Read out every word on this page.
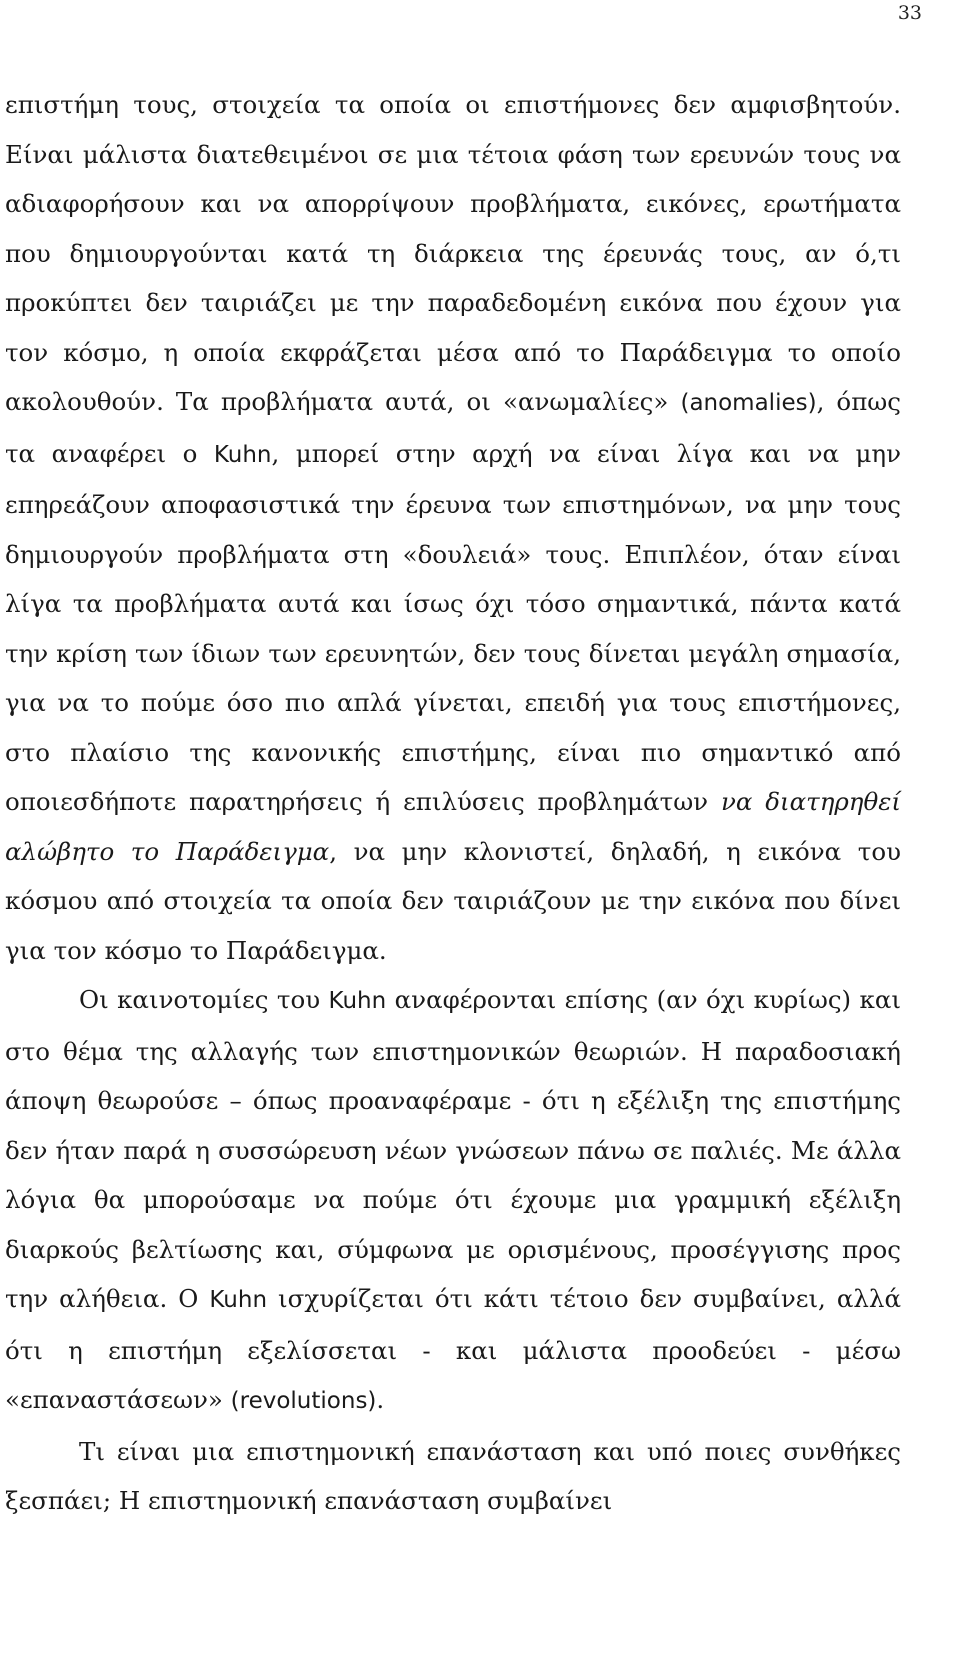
33

επιστήμη τους, στοιχεία τα οποία οι επιστήμονες δεν αμφισβητούν. Είναι μάλιστα διατεθειμένοι σε μια τέτοια φάση των ερευνών τους να αδιαφορήσουν και να απορρίψουν προβλήματα, εικόνες, ερωτήματα που δημιουργούνται κατά τη διάρκεια της έρευνάς τους, αν ό,τι προκύπτει δεν ταιριάζει με την παραδεδομένη εικόνα που έχουν για τον κόσμο, η οποία εκφράζεται μέσα από το Παράδειγμα το οποίο ακολουθούν. Τα προβλήματα αυτά, οι «ανωμαλίες» (anomalies), όπως τα αναφέρει ο Kuhn, μπορεί στην αρχή να είναι λίγα και να μην επηρεάζουν αποφασιστικά την έρευνα των επιστημόνων, να μην τους δημιουργούν προβλήματα στη «δουλειά» τους. Επιπλέον, όταν είναι λίγα τα προβλήματα αυτά και ίσως όχι τόσο σημαντικά, πάντα κατά την κρίση των ίδιων των ερευνητών, δεν τους δίνεται μεγάλη σημασία, για να το πούμε όσο πιο απλά γίνεται, επειδή για τους επιστήμονες, στο πλαίσιο της κανονικής επιστήμης, είναι πιο σημαντικό από οποιεσδήποτε παρατηρήσεις ή επιλύσεις προβλημάτων να διατηρηθεί αλώβητο το Παράδειγμα, να μην κλονιστεί, δηλαδή, η εικόνα του κόσμου από στοιχεία τα οποία δεν ταιριάζουν με την εικόνα που δίνει για τον κόσμο το Παράδειγμα.

Οι καινοτομίες του Kuhn αναφέρονται επίσης (αν όχι κυρίως) και στο θέμα της αλλαγής των επιστημονικών θεωριών. Η παραδοσιακή άποψη θεωρούσε – όπως προαναφέραμε - ότι η εξέλιξη της επιστήμης δεν ήταν παρά η συσσώρευση νέων γνώσεων πάνω σε παλιές. Με άλλα λόγια θα μπορούσαμε να πούμε ότι έχουμε μια γραμμική εξέλιξη διαρκούς βελτίωσης και, σύμφωνα με ορισμένους, προσέγγισης προς την αλήθεια. Ο Kuhn ισχυρίζεται ότι κάτι τέτοιο δεν συμβαίνει, αλλά ότι η επιστήμη εξελίσσεται - και μάλιστα προοδεύει - μέσω «επαναστάσεων» (revolutions).

Τι είναι μια επιστημονική επανάσταση και υπό ποιες συνθήκες ξεσπάει; Η επιστημονική επανάσταση συμβαίνει
